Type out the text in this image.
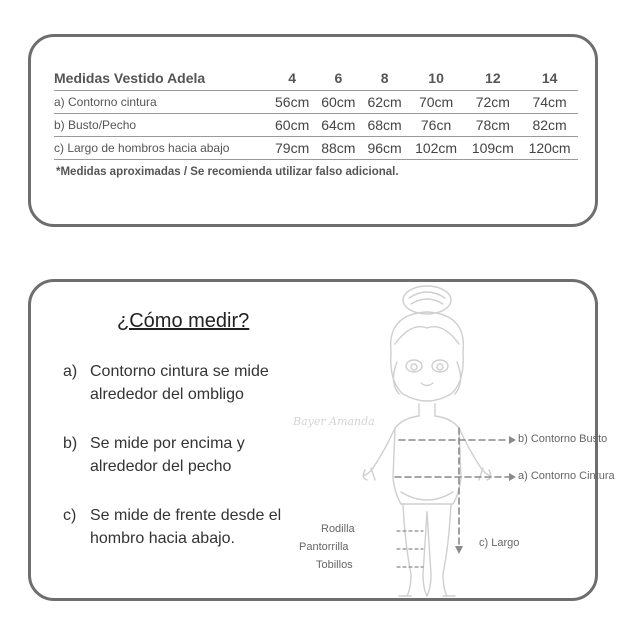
Medidas Vestido Adela	4	6	8	10	12	14
a) Contorno cintura	56cm	60cm	62cm	70cm	72cm	74cm
b) Busto/Pecho	60cm	64cm	68cm	76cn	78cm	82cm
c) Largo de hombros hacia abajo	79cm	88cm	96cm	102cm	109cm	120cm
*Medidas aproximadas / Se recomienda utilizar falso adicional.
¿Cómo medir?
a) Contorno cintura se mide alrededor del ombligo
b) Se mide por encima y alrededor del pecho
c) Se mide de frente desde el hombro hacia abajo.
Bayer Amanda
b) Contorno Busto
a) Contorno Cintura
c) Largo
Rodilla
Pantorrilla
Tobillos
